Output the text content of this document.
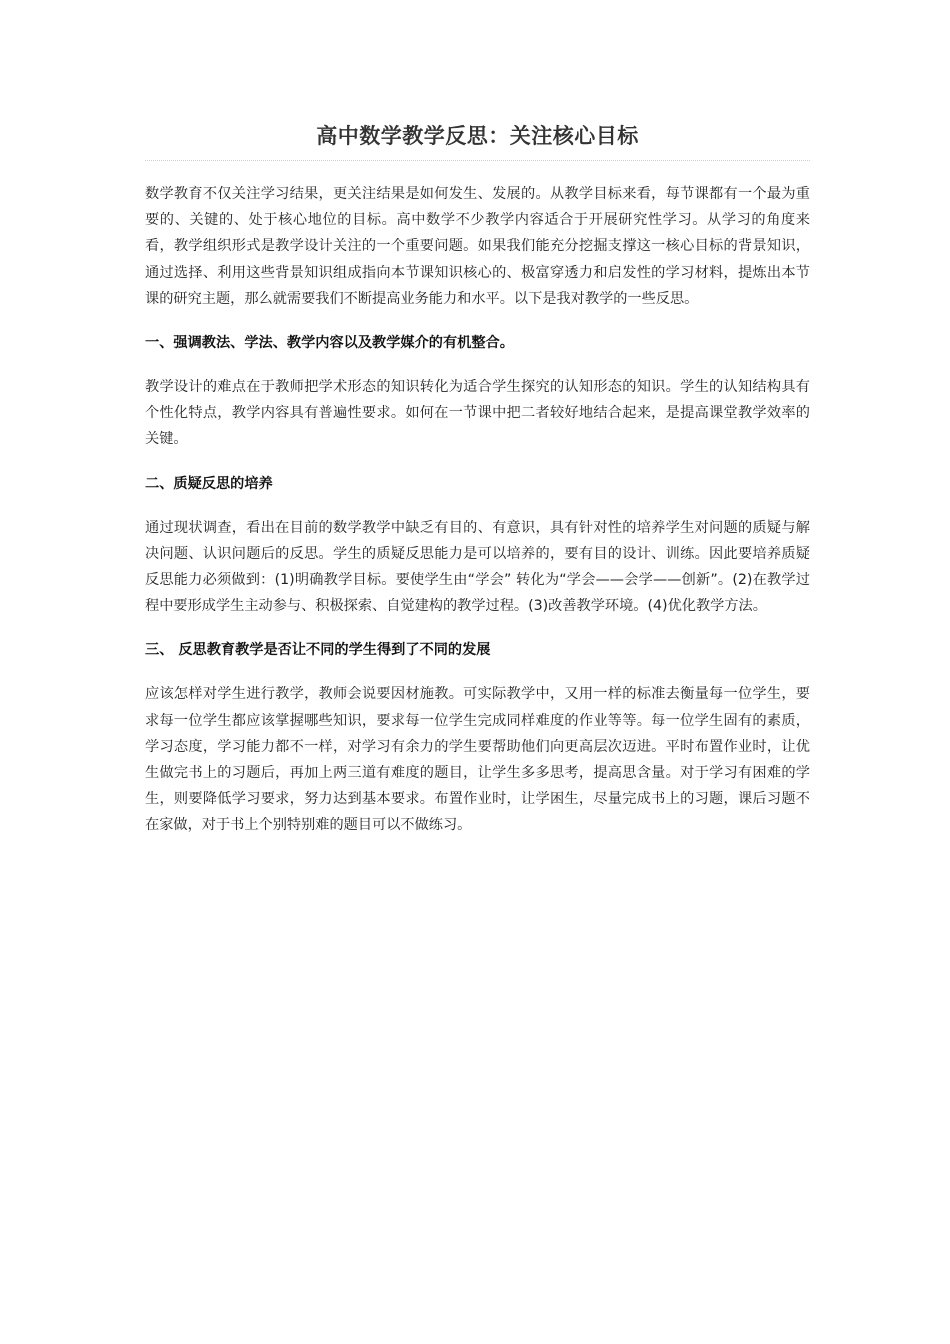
高中数学教学反思：关注核心目标

数学教育不仅关注学习结果，更关注结果是如何发生、发展的。从教学目标来看，每节课都有一个最为重要的、关键的、处于核心地位的目标。高中数学不少教学内容适合于开展研究性学习。从学习的角度来看，教学组织形式是教学设计关注的一个重要问题。如果我们能充分挖掘支撑这一核心目标的背景知识，通过选择、利用这些背景知识组成指向本节课知识核心的、极富穿透力和启发性的学习材料，提炼出本节课的研究主题，那么就需要我们不断提高业务能力和水平。以下是我对教学的一些反思。

一、强调教法、学法、教学内容以及教学媒介的有机整合。

教学设计的难点在于教师把学术形态的知识转化为适合学生探究的认知形态的知识。学生的认知结构具有个性化特点，教学内容具有普遍性要求。如何在一节课中把二者较好地结合起来，是提高课堂教学效率的关键。

二、质疑反思的培养

通过现状调查，看出在目前的数学教学中缺乏有目的、有意识，具有针对性的培养学生对问题的质疑与解决问题、认识问题后的反思。学生的质疑反思能力是可以培养的，要有目的设计、训练。因此要培养质疑反思能力必须做到：(1)明确教学目标。要使学生由“学会” 转化为“学会——会学——创新”。(2)在教学过程中要形成学生主动参与、积极探索、自觉建构的教学过程。(3)改善教学环境。(4)优化教学方法。

三、 反思教育教学是否让不同的学生得到了不同的发展

应该怎样对学生进行教学，教师会说要因材施教。可实际教学中，又用一样的标准去衡量每一位学生，要求每一位学生都应该掌握哪些知识，要求每一位学生完成同样难度的作业等等。每一位学生固有的素质，学习态度，学习能力都不一样，对学习有余力的学生要帮助他们向更高层次迈进。平时布置作业时，让优生做完书上的习题后，再加上两三道有难度的题目，让学生多多思考，提高思含量。对于学习有困难的学生，则要降低学习要求，努力达到基本要求。布置作业时，让学困生，尽量完成书上的习题，课后习题不在家做，对于书上个别特别难的题目可以不做练习。
